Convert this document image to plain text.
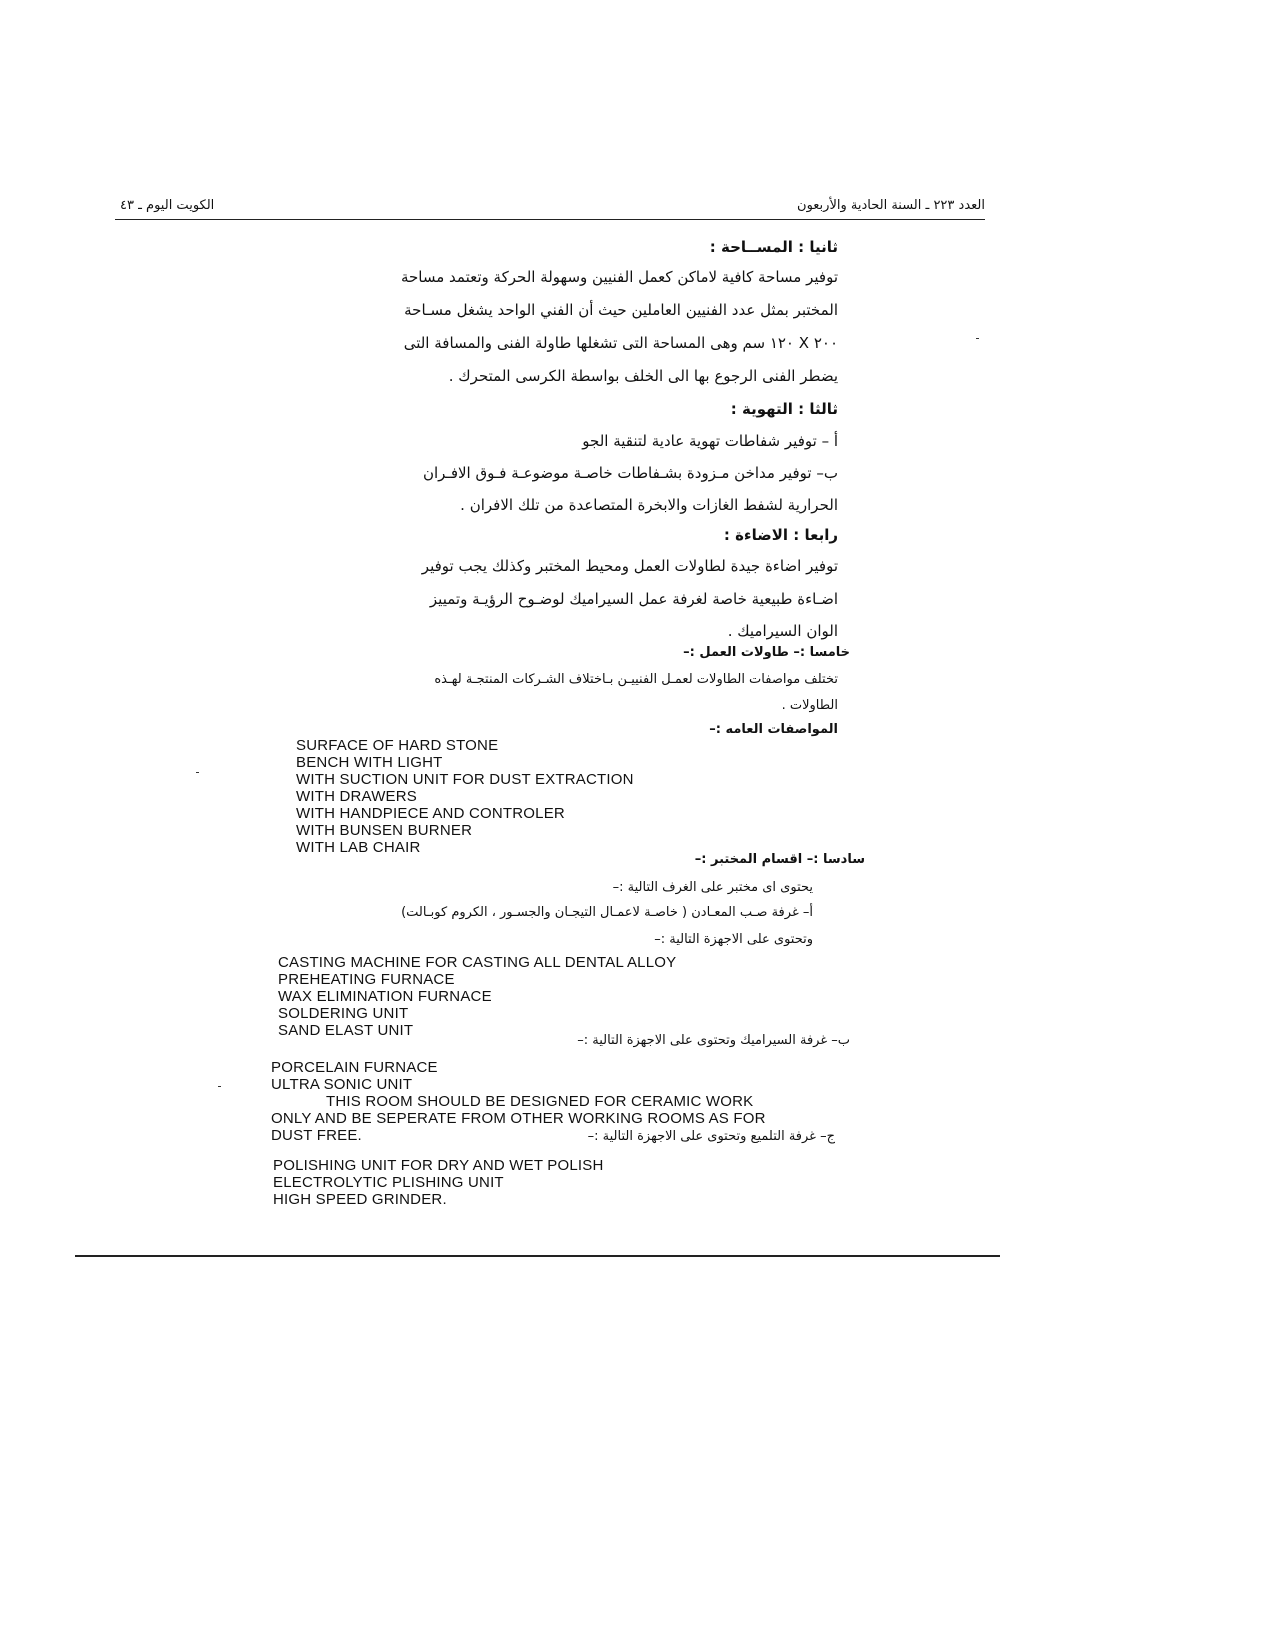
العدد ٢٢٣ ـ السنة الحادية والأربعون
الكويت اليوم ـ ٤٣
ثانيا : المســاحة :
توفير مساحة كافية لاماكن كعمل الفنيين وسهولة الحركة وتعتمد مساحة
المختبر بمثل عدد الفنيين العاملين حيث أن الفني الواحد يشغل مسـاحة
٢٠٠ X ١٢٠ سم وهى المساحة التى تشغلها طاولة الفنى والمسافة التى
يضطر الفنى الرجوع بها الى الخلف بواسطة الكرسى المتحرك .
ثالثا : التهوية :
أ – توفير شفاطات تهوية عادية لتنقية الجو
ب– توفير مداخن مـزودة بشـفاطات خاصـة موضوعـة فـوق الافـران
الحرارية لشفط الغازات والابخرة المتصاعدة من تلك الافران .
رابعا : الاضاءة :
توفير اضاءة جيدة لطاولات العمل ومحيط المختبر وكذلك يجب توفير
اضـاءة طبيعية خاصة لغرفة عمل السيراميك لوضـوح الرؤيـة وتمييز
الوان السيراميك .
خامسا :– طاولات العمل :–
تختلف مواصفات الطاولات لعمـل الفنييـن بـاختلاف الشـركات المنتجـة لهـذه
الطاولات .
المواصفات العامه :–
SURFACE OF HARD STONE
BENCH WITH LIGHT
WITH SUCTION UNIT FOR DUST EXTRACTION
WITH DRAWERS
WITH HANDPIECE AND CONTROLER
WITH BUNSEN BURNER
WITH LAB CHAIR
سادسا :– اقسام المختبر :–
يحتوى اى مختبر على الغرف التالية :–
أ– غرفة صـب المعـادن ( خاصـة لاعمـال التيجـان والجسـور ، الكروم كوبـالت)
وتحتوى على الاجهزة التالية :–
CASTING MACHINE FOR CASTING ALL DENTAL ALLOY
PREHEATING FURNACE
WAX ELIMINATION FURNACE
SOLDERING UNIT
SAND ELAST UNIT
ب– غرفة السيراميك وتحتوى على الاجهزة التالية :–
PORCELAIN FURNACE
ULTRA SONIC UNIT
THIS ROOM SHOULD BE DESIGNED FOR CERAMIC WORK
ONLY AND BE SEPERATE FROM OTHER WORKING ROOMS AS FOR
DUST FREE.	ج– غرفة التلميع وتحتوى على الاجهزة التالية :–
POLISHING UNIT FOR DRY AND WET POLISH
ELECTROLYTIC PLISHING UNIT
HIGH SPEED GRINDER.
